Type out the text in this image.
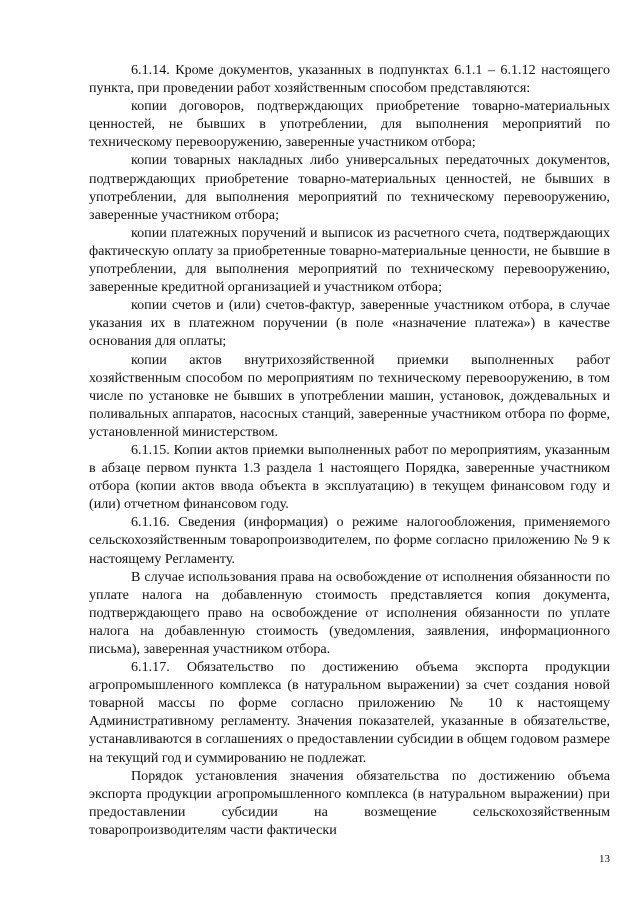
6.1.14. Кроме документов, указанных в подпунктах 6.1.1 – 6.1.12 настоящего пункта, при проведении работ хозяйственным способом представляются:

копии договоров, подтверждающих приобретение товарно-материальных ценностей, не бывших в употреблении, для выполнения мероприятий по техническому перевооружению, заверенные участником отбора;

копии товарных накладных либо универсальных передаточных документов, подтверждающих приобретение товарно-материальных ценностей, не бывших в употреблении, для выполнения мероприятий по техническому перевооружению, заверенные участником отбора;

копии платежных поручений и выписок из расчетного счета, подтверждающих фактическую оплату за приобретенные товарно-материальные ценности, не бывшие в употреблении, для выполнения мероприятий по техническому перевооружению, заверенные кредитной организацией и участником отбора;

копии счетов и (или) счетов-фактур, заверенные участником отбора, в случае указания их в платежном поручении (в поле «назначение платежа») в качестве основания для оплаты;

копии актов внутрихозяйственной приемки выполненных работ хозяйственным способом по мероприятиям по техническому перевооружению, в том числе по установке не бывших в употреблении машин, установок, дождевальных и поливальных аппаратов, насосных станций, заверенные участником отбора по форме, установленной министерством.

6.1.15. Копии актов приемки выполненных работ по мероприятиям, указанным в абзаце первом пункта 1.3 раздела 1 настоящего Порядка, заверенные участником отбора (копии актов ввода объекта в эксплуатацию) в текущем финансовом году и (или) отчетном финансовом году.

6.1.16. Сведения (информация) о режиме налогообложения, применяемого сельскохозяйственным товаропроизводителем, по форме согласно приложению № 9 к настоящему Регламенту.

В случае использования права на освобождение от исполнения обязанности по уплате налога на добавленную стоимость представляется копия документа, подтверждающего право на освобождение от исполнения обязанности по уплате налога на добавленную стоимость (уведомления, заявления, информационного письма), заверенная участником отбора.

6.1.17. Обязательство по достижению объема экспорта продукции агропромышленного комплекса (в натуральном выражении) за счет создания новой товарной массы по форме согласно приложению № 10 к настоящему Административному регламенту. Значения показателей, указанные в обязательстве, устанавливаются в соглашениях о предоставлении субсидии в общем годовом размере на текущий год и суммированию не подлежат.

Порядок установления значения обязательства по достижению объема экспорта продукции агропромышленного комплекса (в натуральном выражении) при предоставлении субсидии на возмещение сельскохозяйственным товаропроизводителям части фактически

13
